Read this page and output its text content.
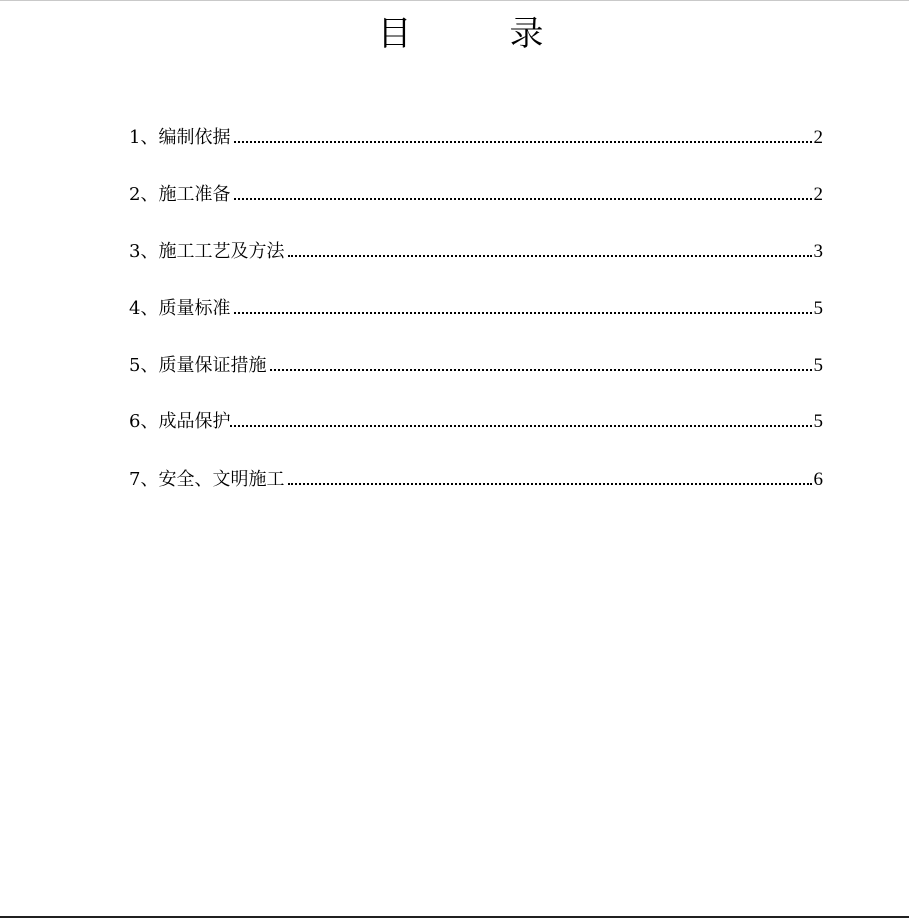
目　录
1、编制依据	2
2、施工准备	2
3、施工工艺及方法	3
4、质量标准	5
5、质量保证措施	5
6、成品保护	5
7、安全、文明施工	6
